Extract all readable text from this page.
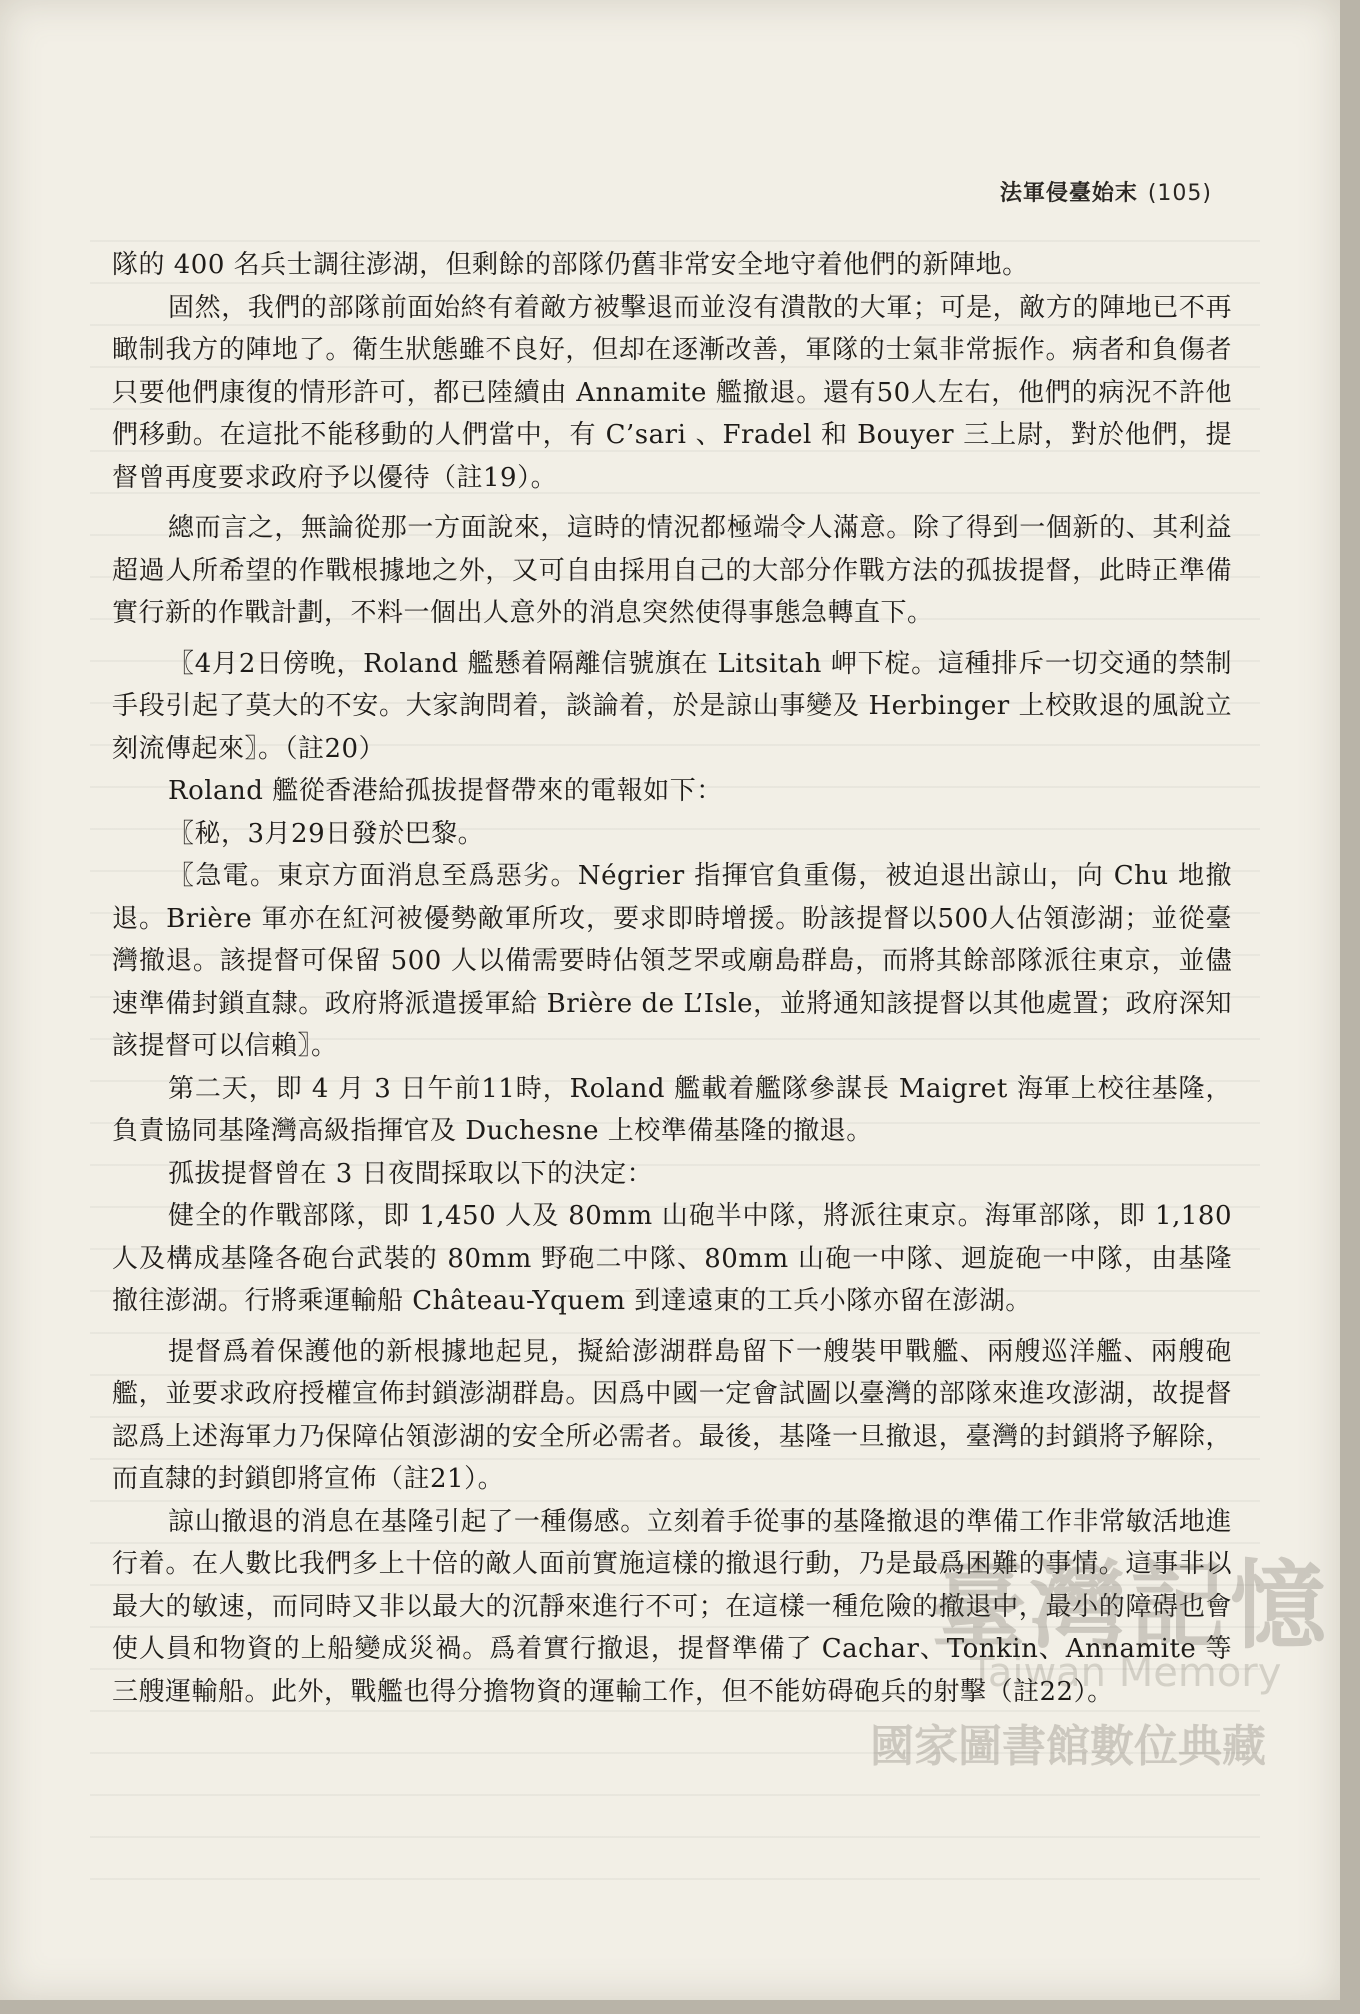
法軍侵臺始末 (105)

隊的 400 名兵士調往澎湖，但剩餘的部隊仍舊非常安全地守着他們的新陣地。

固然，我們的部隊前面始終有着敵方被擊退而並沒有潰散的大軍；可是，敵方的陣地已不再瞰制我方的陣地了。衛生狀態雖不良好，但却在逐漸改善，軍隊的士氣非常振作。病者和負傷者只要他們康復的情形許可，都已陸續由 Annamite 艦撤退。還有50人左右，他們的病況不許他們移動。在這批不能移動的人們當中，有 C’sari 、Fradel 和 Bouyer 三上尉，對於他們，提督曾再度要求政府予以優待（註19）。

總而言之，無論從那一方面說來，這時的情況都極端令人滿意。除了得到一個新的、其利益超過人所希望的作戰根據地之外，又可自由採用自己的大部分作戰方法的孤拔提督，此時正準備實行新的作戰計劃，不料一個出人意外的消息突然使得事態急轉直下。

〖4月2日傍晚，Roland 艦懸着隔離信號旗在 Litsitah 岬下椗。這種排斥一切交通的禁制手段引起了莫大的不安。大家詢問着，談論着，於是諒山事變及 Herbinger 上校敗退的風說立刻流傳起來〗。（註20）

Roland 艦從香港給孤拔提督帶來的電報如下：

〖秘，3月29日發於巴黎。

〖急電。東京方面消息至爲惡劣。Négrier 指揮官負重傷，被迫退出諒山，向 Chu 地撤退。Brière 軍亦在紅河被優勢敵軍所攻，要求即時增援。盼該提督以500人佔領澎湖；並從臺灣撤退。該提督可保留 500 人以備需要時佔領芝罘或廟島群島，而將其餘部隊派往東京，並儘速準備封鎖直隸。政府將派遣援軍給 Brière de L’Isle，並將通知該提督以其他處置；政府深知該提督可以信賴〗。

第二天，即 4 月 3 日午前11時，Roland 艦載着艦隊參謀長 Maigret 海軍上校往基隆，負責協同基隆灣高級指揮官及 Duchesne 上校準備基隆的撤退。

孤拔提督曾在 3 日夜間採取以下的決定：

健全的作戰部隊，即 1,450 人及 80mm 山砲半中隊，將派往東京。海軍部隊，即 1,180 人及構成基隆各砲台武裝的 80mm 野砲二中隊、80mm 山砲一中隊、迴旋砲一中隊，由基隆撤往澎湖。行將乘運輸船 Château-Yquem 到達遠東的工兵小隊亦留在澎湖。

提督爲着保護他的新根據地起見，擬給澎湖群島留下一艘裝甲戰艦、兩艘巡洋艦、兩艘砲艦，並要求政府授權宣佈封鎖澎湖群島。因爲中國一定會試圖以臺灣的部隊來進攻澎湖，故提督認爲上述海軍力乃保障佔領澎湖的安全所必需者。最後，基隆一旦撤退，臺灣的封鎖將予解除，而直隸的封鎖卽將宣佈（註21）。

諒山撤退的消息在基隆引起了一種傷感。立刻着手從事的基隆撤退的準備工作非常敏活地進行着。在人數比我們多上十倍的敵人面前實施這樣的撤退行動，乃是最爲困難的事情。這事非以最大的敏速，而同時又非以最大的沉靜來進行不可；在這樣一種危險的撤退中，最小的障碍也會使人員和物資的上船變成災禍。爲着實行撤退，提督準備了 Cachar、Tonkin、Annamite 等三艘運輸船。此外，戰艦也得分擔物資的運輸工作，但不能妨碍砲兵的射擊（註22）。

臺灣記憶
Taiwan Memory
國家圖書館數位典藏
